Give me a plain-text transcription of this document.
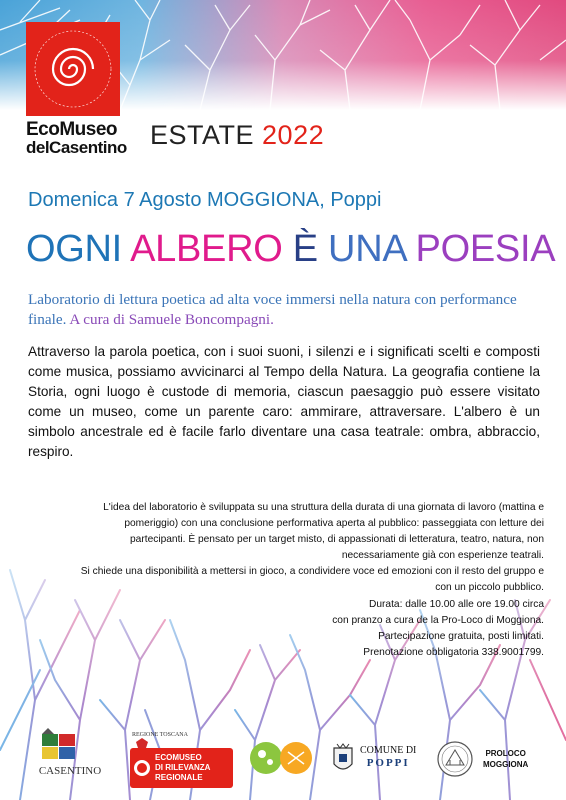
EcoMuseo
delCasentino ESTATE 2022
Domenica 7 Agosto MOGGIONA, Poppi
OGNI ALBERO È UNA POESIA
Laboratorio di lettura poetica ad alta voce immersi nella natura con performance finale. A cura di Samuele Boncompagni.
Attraverso la parola poetica, con i suoi suoni, i silenzi e i significati scelti e composti come musica, possiamo avvicinarci al Tempo della Natura. La geografia contiene la Storia, ogni luogo è custode di memoria, ciascun paesaggio può essere visitato come un museo, come un parente caro: ammirare, attraversare. L'albero è un simbolo ancestrale ed è facile farlo diventare una casa teatrale: ombra, abbraccio, respiro.

L'idea del laboratorio è sviluppata su una struttura della durata di una giornata di lavoro (mattina e pomeriggio) con una conclusione performativa aperta al pubblico: passeggiata con letture dei partecipanti. È pensato per un target misto, di appassionati di letteratura, teatro, natura, non necessariamente già con esperienze teatrali.

Si chiede una disponibilità a mettersi in gioco, a condividere voce ed emozioni con il resto del gruppo e con un piccolo pubblico.

Durata: dalle 10.00 alle ore 19.00 circa

con pranzo a cura de la Pro-Loco di Moggiona.

Partecipazione gratuita, posti limitati.

Prenotazione obbligatoria 338.9001799.

CASENTINO
REGIONE TOSCANA
ECOMUSEO
DI RILEVANZA
REGIONALE
COMUNE DI
POPPI
PROLOCO
MOGGIONA
